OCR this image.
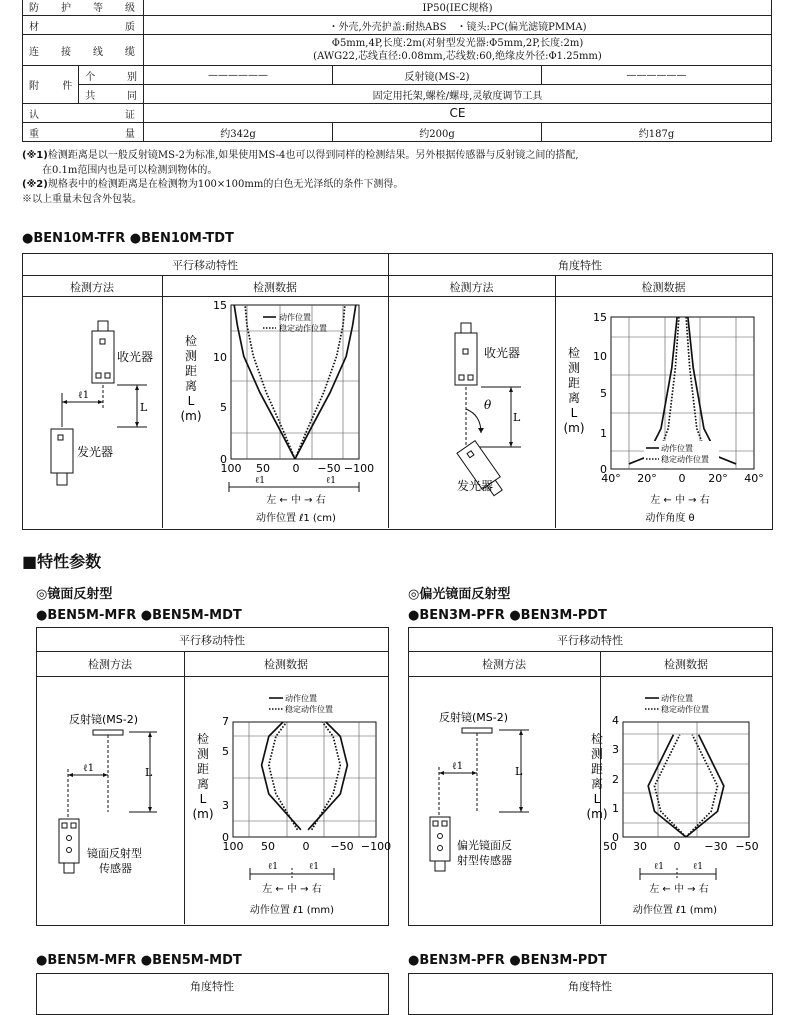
防　护　等　级		IP50(IEC规格)		
材　　　　质		・外壳,外壳护盖:耐热ABS　・镜头:PC(偏光滤镜PMMA)		
连　接　线　缆		Φ5mm,4P,长度:2m(对射型发光器:Φ5mm,2P,长度:2m)
(AWG22,芯线直径:0.08mm,芯线数:60,绝缘皮外径:Φ1.25mm)		

附　　件	个　　别	——————	反射镜(MS-2)	——————
	共　　同	固定用托架,螺栓/螺母,灵敏度调节工具		
认　　　　证		CE		
重　　　　量		约342g	约200g	约187g
(※1)检测距离是以一般反射镜MS-2为标准,如果使用MS-4也可以得到同样的检测结果。另外根据传感器与反射镜之间的搭配,
　　在0.1m范围内也是可以检测到物体的。
(※2)规格表中的检测距离是在检测物为100×100mm的白色无光泽纸的条件下测得。
※以上重量未包含外包装。
●BEN10M-TFR ●BEN10M-TDT
平行移动特性	角度特性
检测方法	检测数据	检测方法	检测数据
收光器
ℓ1
L
发光器
检
测
距
离
L
(m)
0
5
10
15
100 50 0 −50 −100
动作位置
稳定动作位置
ℓ1	ℓ1
左 ← 中 → 右
动作位置 ℓ1 (cm)
收光器
L
θ
发光器
检
测
距
离
L
(m)
0
1
5
10
15
40° 20° 0 20° 40°
动作位置
稳定动作位置
左 ← 中 → 右
动作角度 θ
■特性参数
◎镜面反射型	◎偏光镜面反射型
●BEN5M-MFR ●BEN5M-MDT	●BEN3M-PFR ●BEN3M-PDT
平行移动特性
检测方法	检测数据
平行移动特性
检测方法	检测数据
反射镜(MS-2)
L
ℓ1
镜面反射型
传感器
检
测
距
离
L
(m)
0
3
5
7
100 50	0 −50 −100
动作位置
稳定动作位置
ℓ1	ℓ1
左 ← 中 → 右
动作位置 ℓ1 (mm)
反射镜(MS-2)
L
ℓ1
偏光镜面反
射型传感器
检
测
距
离
L
(m)
0
1
2
3
4
50 30 0 −30 −50
动作位置
稳定动作位置
ℓ1	ℓ1
左 ← 中 → 右
动作位置 ℓ1 (mm)
●BEN5M-MFR ●BEN5M-MDT	●BEN3M-PFR ●BEN3M-PDT
角度特性	角度特性
